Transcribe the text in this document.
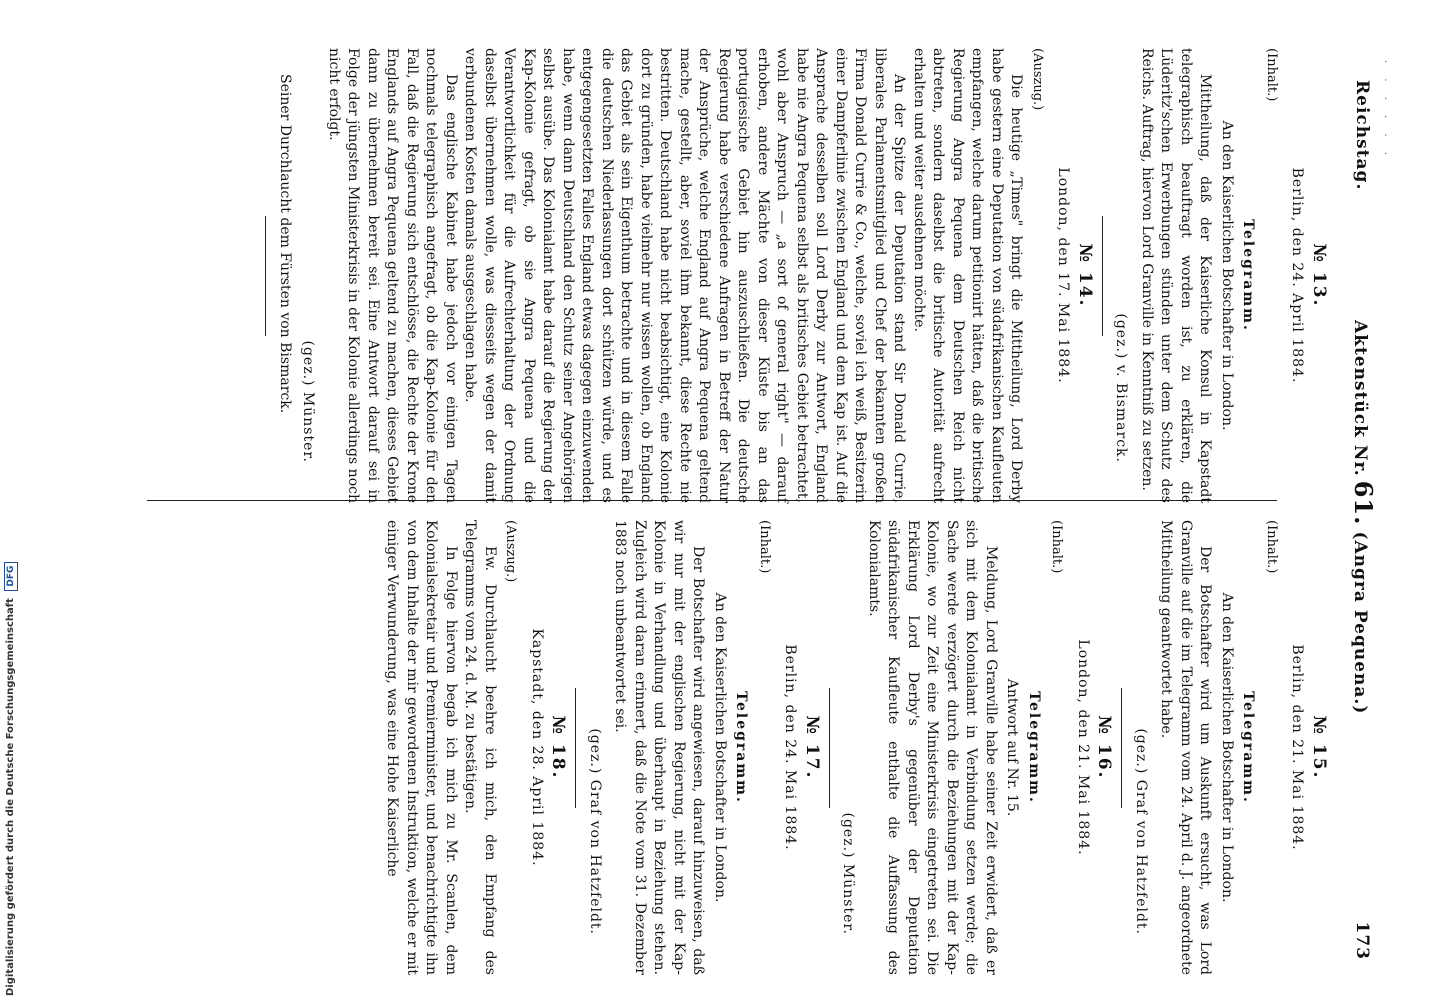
· · · · · ·
Reichstag.
Aktenstück Nr.61.(Angra Pequena.)
173
№ 13.
Berlin, den 24. April 1884.
(Inhalt.)
Telegramm.
An den Kaiserlichen Botschafter in London.

Mittheilung, daß der Kaiserliche Konsul in Kapstadt telegraphisch beauftragt worden ist, zu erklären, die Lüderitz'schen Erwerbungen stünden unter dem Schutz des Reichs. Auftrag, hiervon Lord Granville in Kenntniß zu setzen.

(gez.) v. Bismarck.
№ 14.
London, den 17. Mai 1884.
(Auszug.)

Die heutige „Times" bringt die Mittheilung, Lord Derby habe gestern eine Deputation von südafrikanischen Kaufleuten empfangen, welche darum petitionirt hätten, daß die britische Regierung Angra Pequena dem Deutschen Reich nicht abtreten, sondern daselbst die britische Autorität aufrecht erhalten und weiter ausdehnen möchte.

An der Spitze der Deputation stand Sir Donald Currie, liberales Parlamentsmitglied und Chef der bekannten großen Firma Donald Currie & Co., welche, soviel ich weiß, Besitzerin einer Dampferlinie zwischen England und dem Kap ist. Auf die Ansprache desselben soll Lord Derby zur Antwort, England habe nie Angra Pequena selbst als britisches Gebiet betrachtet, wohl aber Anspruch — „a sort of general right" — darauf erhoben, andere Mächte von dieser Küste bis an das portugiesische Gebiet hin auszuschließen. Die deutsche Regierung habe verschiedene Anfragen in Betreff der Natur der Ansprüche, welche England auf Angra Pequena geltend mache, gestellt, aber, soviel ihm bekannt, diese Rechte nie bestritten. Deutschland habe nicht beabsichtigt, eine Kolonie dort zu gründen, habe vielmehr nur wissen wollen, ob England das Gebiet als sein Eigenthum betrachte und in diesem Falle die deutschen Niederlassungen dort schützen würde, und es entgegengesetzten Falles England etwas dagegen einzuwenden habe, wenn dann Deutschland den Schutz seiner Angehörigen selbst ausübe. Das Kolonialamt habe darauf die Regierung der Kap-Kolonie gefragt, ob sie Angra Pequena und die Verantwortlichkeit für die Aufrechterhaltung der Ordnung daselbst übernehmen wolle, was diesseits wegen der damit verbundenen Kosten damals ausgeschlagen habe.

Das englische Kabinet habe jedoch vor einigen Tagen nochmals telegraphisch angefragt, ob die Kap-Kolonie für den Fall, daß die Regierung sich entschlösse, die Rechte der Krone Englands auf Angra Pequena geltend zu machen, dieses Gebiet dann zu übernehmen bereit sei. Eine Antwort darauf sei in Folge der jüngsten Ministerkrisis in der Kolonie allerdings noch nicht erfolgt.

(gez.) Münster.

Seiner Durchlaucht dem Fürsten von Bismarck.

№ 15.
Berlin, den 21. Mai 1884.
(Inhalt.)
Telegramm.
An den Kaiserlichen Botschafter in London.

Der Botschafter wird um Auskunft ersucht, was Lord Granville auf die im Telegramm vom 24. April d. J. angeordnete Mittheilung geantwortet habe.

(gez.) Graf von Hatzfeldt.
№ 16.
London, den 21. Mai 1884.
(Inhalt.)
Telegramm.
Antwort auf Nr. 15.

Meldung, Lord Granville habe seiner Zeit erwidert, daß er sich mit dem Kolonialamt in Verbindung setzen werde; die Sache werde verzögert durch die Beziehungen mit der Kap-Kolonie, wo zur Zeit eine Ministerkrisis eingetreten sei. Die Erklärung Lord Derby's gegenüber der Deputation südafrikanischer Kaufleute enthalte die Auffassung des Kolonialamts.

(gez.) Münster.
№ 17.
Berlin, den 24. Mai 1884.
(Inhalt.)
Telegramm.
An den Kaiserlichen Botschafter in London.

Der Botschafter wird angewiesen, darauf hinzuweisen, daß wir nur mit der englischen Regierung, nicht mit der Kap-Kolonie in Verhandlung und überhaupt in Beziehung stehen. Zugleich wird daran erinnert, daß die Note vom 31. Dezember 1883 noch unbeantwortet sei.

(gez.) Graf von Hatzfeldt.
№ 18.
Kapstadt, den 28. April 1884.
(Auszug.)

Ew. Durchlaucht beehre ich mich, den Empfang des Telegramms vom 24. d. M. zu bestätigen.

In Folge hiervon begab ich mich zu Mr. Scanlen, dem Kolonialsekretair und Premierminister, und benachrichtigte ihn von dem Inhalte der mir gewordenen Instruktion, welche er mit einiger Verwunderung, was eine Hohe Kaiserliche

Digitalisierung gefördert durch die Deutsche Forschungsgemeinschaft DFG
